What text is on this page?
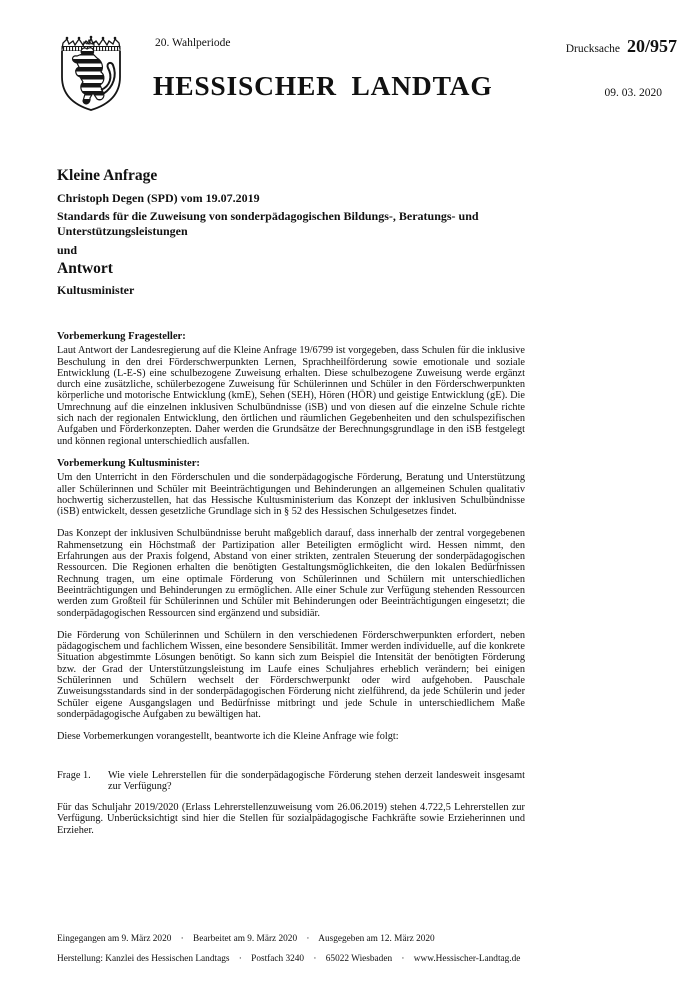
20. Wahlperiode
HESSISCHER LANDTAG
Drucksache 20/957
09. 03. 2020
Kleine Anfrage
Christoph Degen (SPD) vom 19.07.2019
Standards für die Zuweisung von sonderpädagogischen Bildungs-, Beratungs- und Unterstützungsleistungen
und
Antwort
Kultusminister
Vorbemerkung Fragesteller:

Laut Antwort der Landesregierung auf die Kleine Anfrage 19/6799 ist vorgegeben, dass Schulen für die inklusive Beschulung in den drei Förderschwerpunkten Lernen, Sprachheilförderung sowie emotionale und soziale Entwicklung (L-E-S) eine schulbezogene Zuweisung erhalten. Diese schulbezogene Zuweisung werde ergänzt durch eine zusätzliche, schülerbezogene Zuweisung für Schülerinnen und Schüler in den Förderschwerpunkten körperliche und motorische Entwicklung (kmE), Sehen (SEH), Hören (HÖR) und geistige Entwicklung (gE). Die Umrechnung auf die einzelnen inklusiven Schulbündnisse (iSB) und von diesen auf die einzelne Schule richte sich nach der regionalen Entwicklung, den örtlichen und räumlichen Gegebenheiten und den schulspezifischen Aufgaben und Förderkonzepten. Daher werden die Grundsätze der Berechnungsgrundlage in den iSB festgelegt und können regional unterschiedlich ausfallen.

Vorbemerkung Kultusminister:

Um den Unterricht in den Förderschulen und die sonderpädagogische Förderung, Beratung und Unterstützung aller Schülerinnen und Schüler mit Beeinträchtigungen und Behinderungen an allgemeinen Schulen qualitativ hochwertig sicherzustellen, hat das Hessische Kultusministerium das Konzept der inklusiven Schulbündnisse (iSB) entwickelt, dessen gesetzliche Grundlage sich in § 52 des Hessischen Schulgesetzes findet.

Das Konzept der inklusiven Schulbündnisse beruht maßgeblich darauf, dass innerhalb der zentral vorgegebenen Rahmensetzung ein Höchstmaß der Partizipation aller Beteiligten ermöglicht wird. Hessen nimmt, den Erfahrungen aus der Praxis folgend, Abstand von einer strikten, zentralen Steuerung der sonderpädagogischen Ressourcen. Die Regionen erhalten die benötigten Gestaltungsmöglichkeiten, die den lokalen Bedürfnissen Rechnung tragen, um eine optimale Förderung von Schülerinnen und Schülern mit unterschiedlichen Beeinträchtigungen und Behinderungen zu ermöglichen. Alle einer Schule zur Verfügung stehenden Ressourcen werden zum Großteil für Schülerinnen und Schüler mit Behinderungen oder Beeinträchtigungen eingesetzt; die sonderpädagogischen Ressourcen sind ergänzend und subsidiär.

Die Förderung von Schülerinnen und Schülern in den verschiedenen Förderschwerpunkten erfordert, neben pädagogischem und fachlichem Wissen, eine besondere Sensibilität. Immer werden individuelle, auf die konkrete Situation abgestimmte Lösungen benötigt. So kann sich zum Beispiel die Intensität der benötigten Förderung bzw. der Grad der Unterstützungsleistung im Laufe eines Schuljahres erheblich verändern; bei einigen Schülerinnen und Schülern wechselt der Förderschwerpunkt oder wird aufgehoben. Pauschale Zuweisungsstandards sind in der sonderpädagogischen Förderung nicht zielführend, da jede Schülerin und jeder Schüler eigene Ausgangslagen und Bedürfnisse mitbringt und jede Schule in unterschiedlichem Maße sonderpädagogische Aufgaben zu bewältigen hat.

Diese Vorbemerkungen vorangestellt, beantworte ich die Kleine Anfrage wie folgt:

Frage 1.	Wie viele Lehrerstellen für die sonderpädagogische Förderung stehen derzeit landesweit insgesamt zur Verfügung?

Für das Schuljahr 2019/2020 (Erlass Lehrerstellenzuweisung vom 26.06.2019) stehen 4.722,5 Lehrerstellen zur Verfügung. Unberücksichtigt sind hier die Stellen für sozialpädagogische Fachkräfte sowie Erzieherinnen und Erzieher.

Eingegangen am 9. März 2020    ·    Bearbeitet am 9. März 2020    ·    Ausgegeben am 12. März 2020
Herstellung: Kanzlei des Hessischen Landtags    ·    Postfach 3240    ·    65022 Wiesbaden    ·    www.Hessischer-Landtag.de
